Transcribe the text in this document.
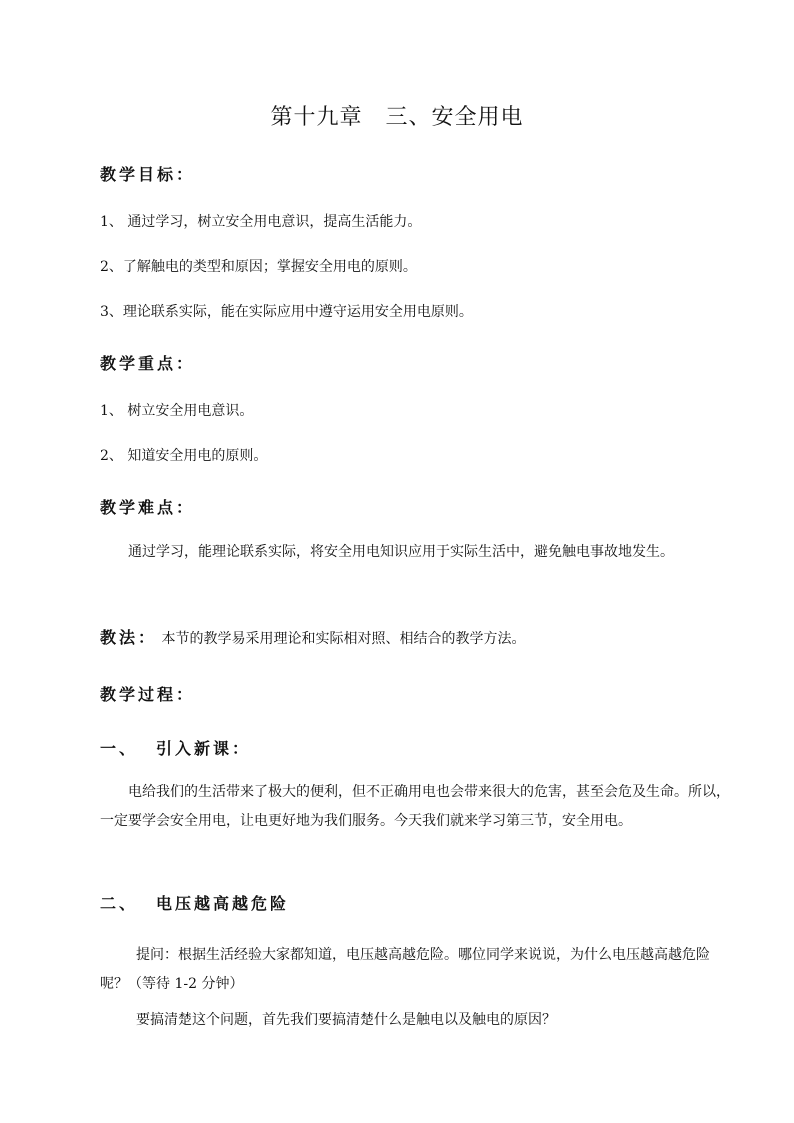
第十九章　三、安全用电
教学目标：
1、 通过学习，树立安全用电意识，提高生活能力。
2、了解触电的类型和原因；掌握安全用电的原则。
3、理论联系实际，能在实际应用中遵守运用安全用电原则。
教学重点：
1、 树立安全用电意识。
2、 知道安全用电的原则。
教学难点：
通过学习，能理论联系实际，将安全用电知识应用于实际生活中，避免触电事故地发生。
教法： 本节的教学易采用理论和实际相对照、相结合的教学方法。
教学过程：
一、 引入新课：
电给我们的生活带来了极大的便利，但不正确用电也会带来很大的危害，甚至会危及生命。所以，一定要学会安全用电，让电更好地为我们服务。今天我们就来学习第三节，安全用电。
二、 电压越高越危险
提问：根据生活经验大家都知道，电压越高越危险。哪位同学来说说，为什么电压越高越危险呢？（等待 1-2 分钟）
要搞清楚这个问题，首先我们要搞清楚什么是触电以及触电的原因？
